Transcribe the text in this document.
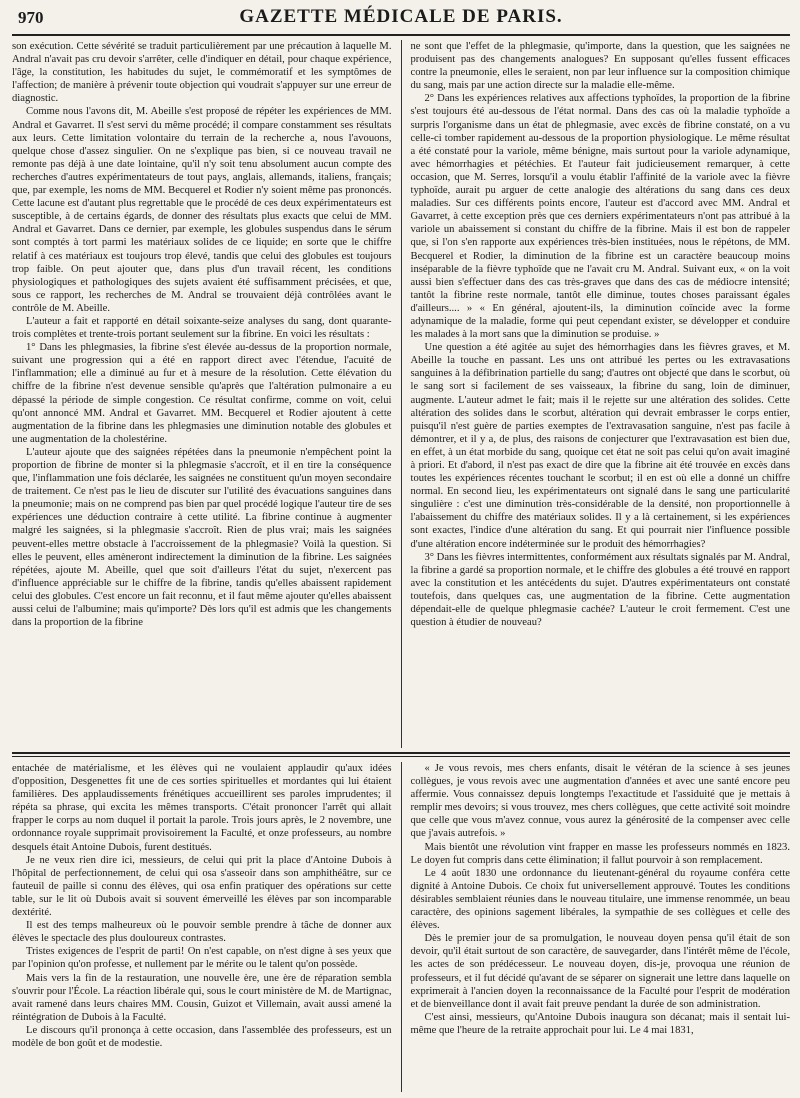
970	GAZETTE MÉDICALE DE PARIS.

son exécution. Cette sévérité se traduit particulièrement par une précaution à laquelle M. Andral n'avait pas cru devoir s'arrêter, celle d'indiquer en détail, pour chaque expérience, l'âge, la constitution, les habitudes du sujet, le commémoratif et les symptômes de l'affection; de manière à prévenir toute objection qui voudrait s'appuyer sur une erreur de diagnostic.

Comme nous l'avons dit, M. Abeille s'est proposé de répéter les expériences de MM. Andral et Gavarret. Il s'est servi du même procédé; il compare constamment ses résultats aux leurs. Cette limitation volontaire du terrain de la recherche a, nous l'avouons, quelque chose d'assez singulier. On ne s'explique pas bien, si ce nouveau travail ne remonte pas déjà à une date lointaine, qu'il n'y soit tenu absolument aucun compte des recherches d'autres expérimentateurs de tout pays, anglais, allemands, italiens, français; que, par exemple, les noms de MM. Becquerel et Rodier n'y soient même pas prononcés. Cette lacune est d'autant plus regrettable que le procédé de ces deux expérimentateurs est susceptible, à de certains égards, de donner des résultats plus exacts que celui de MM. Andral et Gavarret. Dans ce dernier, par exemple, les globules suspendus dans le sérum sont comptés à tort parmi les matériaux solides de ce liquide; en sorte que le chiffre relatif à ces matériaux est toujours trop élevé, tandis que celui des globules est toujours trop faible. On peut ajouter que, dans plus d'un travail récent, les conditions physiologiques et pathologiques des sujets avaient été suffisamment précisées, et que, sous ce rapport, les recherches de M. Andral se trouvaient déjà contrôlées avant le contrôle de M. Abeille.

L'auteur a fait et rapporté en détail soixante-seize analyses du sang, dont quarante-trois complètes et trente-trois portant seulement sur la fibrine. En voici les résultats :

1° Dans les phlegmasies, la fibrine s'est élevée au-dessus de la proportion normale, suivant une progression qui a été en rapport direct avec l'étendue, l'acuité de l'inflammation; elle a diminué au fur et à mesure de la résolution. Cette élévation du chiffre de la fibrine n'est devenue sensible qu'après que l'altération pulmonaire a eu dépassé la période de simple congestion. Ce résultat confirme, comme on voit, celui qu'ont annoncé MM. Andral et Gavarret. MM. Becquerel et Rodier ajoutent à cette augmentation de la fibrine dans les phlegmasies une diminution notable des globules et une augmentation de la cholestérine.

L'auteur ajoute que des saignées répétées dans la pneumonie n'empêchent point la proportion de fibrine de monter si la phlegmasie s'accroît, et il en tire la conséquence que, l'inflammation une fois déclarée, les saignées ne constituent qu'un moyen secondaire de traitement. Ce n'est pas le lieu de discuter sur l'utilité des évacuations sanguines dans la pneumonie; mais on ne comprend pas bien par quel procédé logique l'auteur tire de ses expériences une déduction contraire à cette utilité. La fibrine continue à augmenter malgré les saignées, si la phlegmasie s'accroît. Rien de plus vrai; mais les saignées peuvent-elles mettre obstacle à l'accroissement de la phlegmasie? Voilà la question. Si elles le peuvent, elles amèneront indirectement la diminution de la fibrine. Les saignées répétées, ajoute M. Abeille, quel que soit d'ailleurs l'état du sujet, n'exercent pas d'influence appréciable sur le chiffre de la fibrine, tandis qu'elles abaissent rapidement celui des globules. C'est encore un fait reconnu, et il faut même ajouter qu'elles abaissent aussi celui de l'albumine; mais qu'importe? Dès lors qu'il est admis que les changements dans la proportion de la fibrine

ne sont que l'effet de la phlegmasie, qu'importe, dans la question, que les saignées ne produisent pas des changements analogues? En supposant qu'elles fussent efficaces contre la pneumonie, elles le seraient, non par leur influence sur la composition chimique du sang, mais par une action directe sur la maladie elle-même.

2° Dans les expériences relatives aux affections typhoïdes, la proportion de la fibrine s'est toujours été au-dessous de l'état normal. Dans des cas où la maladie typhoïde a surpris l'organisme dans un état de phlegmasie, avec excès de fibrine constaté, on a vu celle-ci tomber rapidement au-dessous de la proportion physiologique. Le même résultat a été constaté pour la variole, même bénigne, mais surtout pour la variole adynamique, avec hémorrhagies et pétéchies. Et l'auteur fait judicieusement remarquer, à cette occasion, que M. Serres, lorsqu'il a voulu établir l'affinité de la variole avec la fièvre typhoïde, aurait pu arguer de cette analogie des altérations du sang dans ces deux maladies. Sur ces différents points encore, l'auteur est d'accord avec MM. Andral et Gavarret, à cette exception près que ces derniers expérimentateurs n'ont pas attribué à la variole un abaissement si constant du chiffre de la fibrine. Mais il est bon de rappeler que, si l'on s'en rapporte aux expériences très-bien instituées, nous le répétons, de MM. Becquerel et Rodier, la diminution de la fibrine est un caractère beaucoup moins inséparable de la fièvre typhoïde que ne l'avait cru M. Andral. Suivant eux, « on la voit aussi bien s'effectuer dans des cas très-graves que dans des cas de médiocre intensité; tantôt la fibrine reste normale, tantôt elle diminue, toutes choses paraissant égales d'ailleurs.... » « En général, ajoutent-ils, la diminution coïncide avec la forme adynamique de la maladie, forme qui peut cependant exister, se développer et conduire les malades à la mort sans que la diminution se produise. »

Une question a été agitée au sujet des hémorrhagies dans les fièvres graves, et M. Abeille la touche en passant. Les uns ont attribué les pertes ou les extravasations sanguines à la défibrination partielle du sang; d'autres ont objecté que dans le scorbut, où le sang sort si facilement de ses vaisseaux, la fibrine du sang, loin de diminuer, augmente. L'auteur admet le fait; mais il le rejette sur une altération des solides. Cette altération des solides dans le scorbut, altération qui devrait embrasser le corps entier, puisqu'il n'est guère de parties exemptes de l'extravasation sanguine, n'est pas facile à démontrer, et il y a, de plus, des raisons de conjecturer que l'extravasation est bien due, en effet, à un état morbide du sang, quoique cet état ne soit pas celui qu'on avait imaginé à priori. Et d'abord, il n'est pas exact de dire que la fibrine ait été trouvée en excès dans toutes les expériences récentes touchant le scorbut; il en est où elle a donné un chiffre normal. En second lieu, les expérimentateurs ont signalé dans le sang une particularité singulière : c'est une diminution très-considérable de la densité, non proportionnelle à l'abaissement du chiffre des matériaux solides. Il y a là certainement, si les expériences sont exactes, l'indice d'une altération du sang. Et qui pourrait nier l'influence possible d'une altération encore indéterminée sur le produit des hémorrhagies?

3° Dans les fièvres intermittentes, conformément aux résultats signalés par M. Andral, la fibrine a gardé sa proportion normale, et le chiffre des globules a été trouvé en rapport avec la constitution et les antécédents du sujet. D'autres expérimentateurs ont constaté toutefois, dans quelques cas, une augmentation de la fibrine. Cette augmentation dépendait-elle de quelque phlegmasie cachée? L'auteur le croit fermement. C'est une question à étudier de nouveau?

entachée de matérialisme, et les élèves qui ne voulaient applaudir qu'aux idées d'opposition, Desgenettes fit une de ces sorties spirituelles et mordantes qui lui étaient familières. Des applaudissements frénétiques accueillirent ses paroles imprudentes; il répéta sa phrase, qui excita les mêmes transports. C'était prononcer l'arrêt qui allait frapper le corps au nom duquel il portait la parole. Trois jours après, le 2 novembre, une ordonnance royale supprimait provisoirement la Faculté, et onze professeurs, au nombre desquels était Antoine Dubois, furent destitués.

Je ne veux rien dire ici, messieurs, de celui qui prit la place d'Antoine Dubois à l'hôpital de perfectionnement, de celui qui osa s'asseoir dans son amphithéâtre, sur ce fauteuil de paille si connu des élèves, qui osa enfin pratiquer des opérations sur cette table, sur le lit où Dubois avait si souvent émerveillé les élèves par son incomparable dextérité.

Il est des temps malheureux où le pouvoir semble prendre à tâche de donner aux élèves le spectacle des plus douloureux contrastes.

Tristes exigences de l'esprit de parti! On n'est capable, on n'est digne à ses yeux que par l'opinion qu'on professe, et nullement par le mérite ou le talent qu'on possède.

Mais vers la fin de la restauration, une nouvelle ère, une ère de réparation sembla s'ouvrir pour l'École. La réaction libérale qui, sous le court ministère de M. de Martignac, avait ramené dans leurs chaires MM. Cousin, Guizot et Villemain, avait aussi amené la réintégration de Dubois à la Faculté.

Le discours qu'il prononça à cette occasion, dans l'assemblée des professeurs, est un modèle de bon goût et de modestie.

« Je vous revois, mes chers enfants, disait le vétéran de la science à ses jeunes collègues, je vous revois avec une augmentation d'années et avec une santé encore peu affermie. Vous connaissez depuis longtemps l'exactitude et l'assiduité que je mettais à remplir mes devoirs; si vous trouvez, mes chers collègues, que cette activité soit moindre que celle que vous m'avez connue, vous aurez la générosité de la compenser avec celle que j'avais autrefois. »

Mais bientôt une révolution vint frapper en masse les professeurs nommés en 1823. Le doyen fut compris dans cette élimination; il fallut pourvoir à son remplacement.

Le 4 août 1830 une ordonnance du lieutenant-général du royaume conféra cette dignité à Antoine Dubois. Ce choix fut universellement approuvé. Toutes les conditions désirables semblaient réunies dans le nouveau titulaire, une immense renommée, un beau caractère, des opinions sagement libérales, la sympathie de ses collègues et celle des élèves.

Dès le premier jour de sa promulgation, le nouveau doyen pensa qu'il était de son devoir, qu'il était surtout de son caractère, de sauvegarder, dans l'intérêt même de l'école, les actes de son prédécesseur. Le nouveau doyen, dis-je, provoqua une réunion de professeurs, et il fut décidé qu'avant de se séparer on signerait une lettre dans laquelle on exprimerait à l'ancien doyen la reconnaissance de la Faculté pour l'esprit de modération et de bienveillance dont il avait fait preuve pendant la durée de son administration.

C'est ainsi, messieurs, qu'Antoine Dubois inaugura son décanat; mais il sentait lui-même que l'heure de la retraite approchait pour lui. Le 4 mai 1831,
